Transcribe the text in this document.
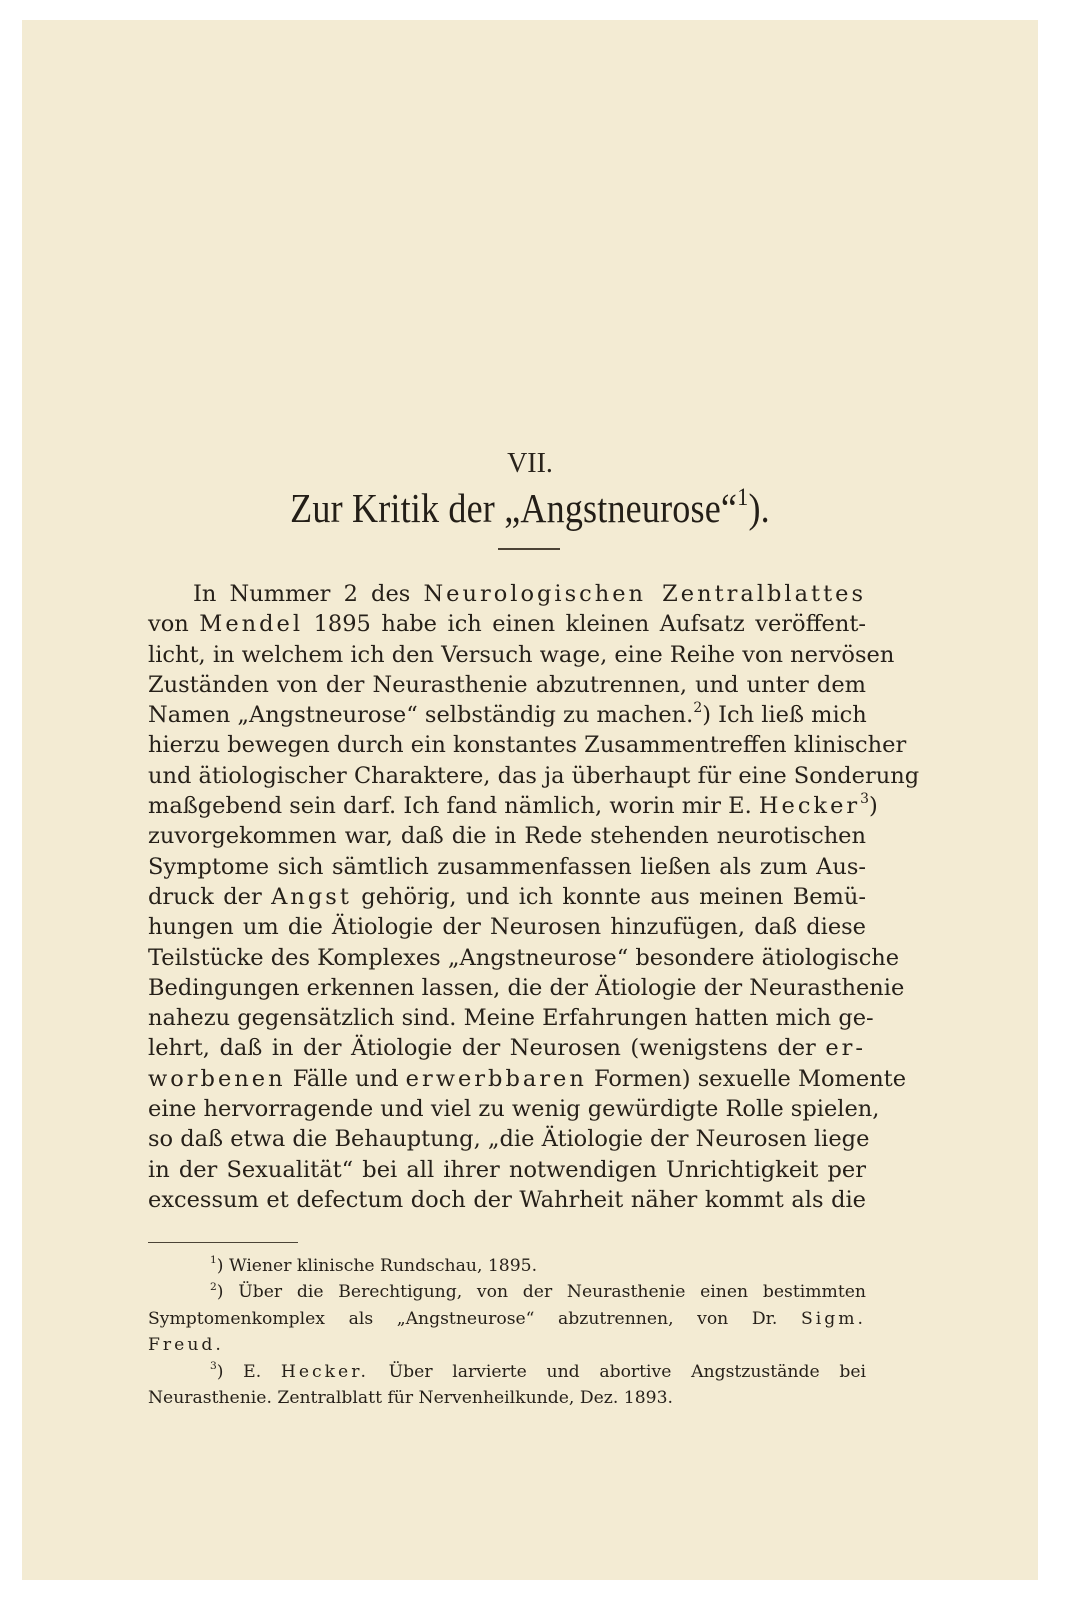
VII.
Zur Kritik der „Angstneurose“$^1$).
In Nummer 2 des Neurologischen Zentralblattes
von Mendel 1895 habe ich einen kleinen Aufsatz veröffent-
licht, in welchem ich den Versuch wage, eine Reihe von nervösen
Zuständen von der Neurasthenie abzutrennen, und unter dem
Namen „Angstneurose“ selbständig zu machen.$^2$) Ich ließ mich
hierzu bewegen durch ein konstantes Zusammentreffen klinischer
und ätiologischer Charaktere, das ja überhaupt für eine Sonderung
maßgebend sein darf. Ich fand nämlich, worin mir E. Hecker$^3$)
zuvorgekommen war, daß die in Rede stehenden neurotischen
Symptome sich sämtlich zusammenfassen ließen als zum Aus-
druck der Angst gehörig, und ich konnte aus meinen Bemü-
hungen um die Ätiologie der Neurosen hinzufügen, daß diese
Teilstücke des Komplexes „Angstneurose“ besondere ätiologische
Bedingungen erkennen lassen, die der Ätiologie der Neurasthenie
nahezu gegensätzlich sind. Meine Erfahrungen hatten mich ge-
lehrt, daß in der Ätiologie der Neurosen (wenigstens der er-
worbenen Fälle und erwerbbaren Formen) sexuelle Momente
eine hervorragende und viel zu wenig gewürdigte Rolle spielen,
so daß etwa die Behauptung, „die Ätiologie der Neurosen liege
in der Sexualität“ bei all ihrer notwendigen Unrichtigkeit per
excessum et defectum doch der Wahrheit näher kommt als die
$^1$) Wiener klinische Rundschau, 1895.
$^2$) Über die Berechtigung, von der Neurasthenie einen bestimmten
Symptomenkomplex als „Angstneurose“ abzutrennen, von Dr. Sigm.
Freud.
$^3$) E. Hecker. Über larvierte und abortive Angstzustände bei
Neurasthenie. Zentralblatt für Nervenheilkunde, Dez. 1893.
